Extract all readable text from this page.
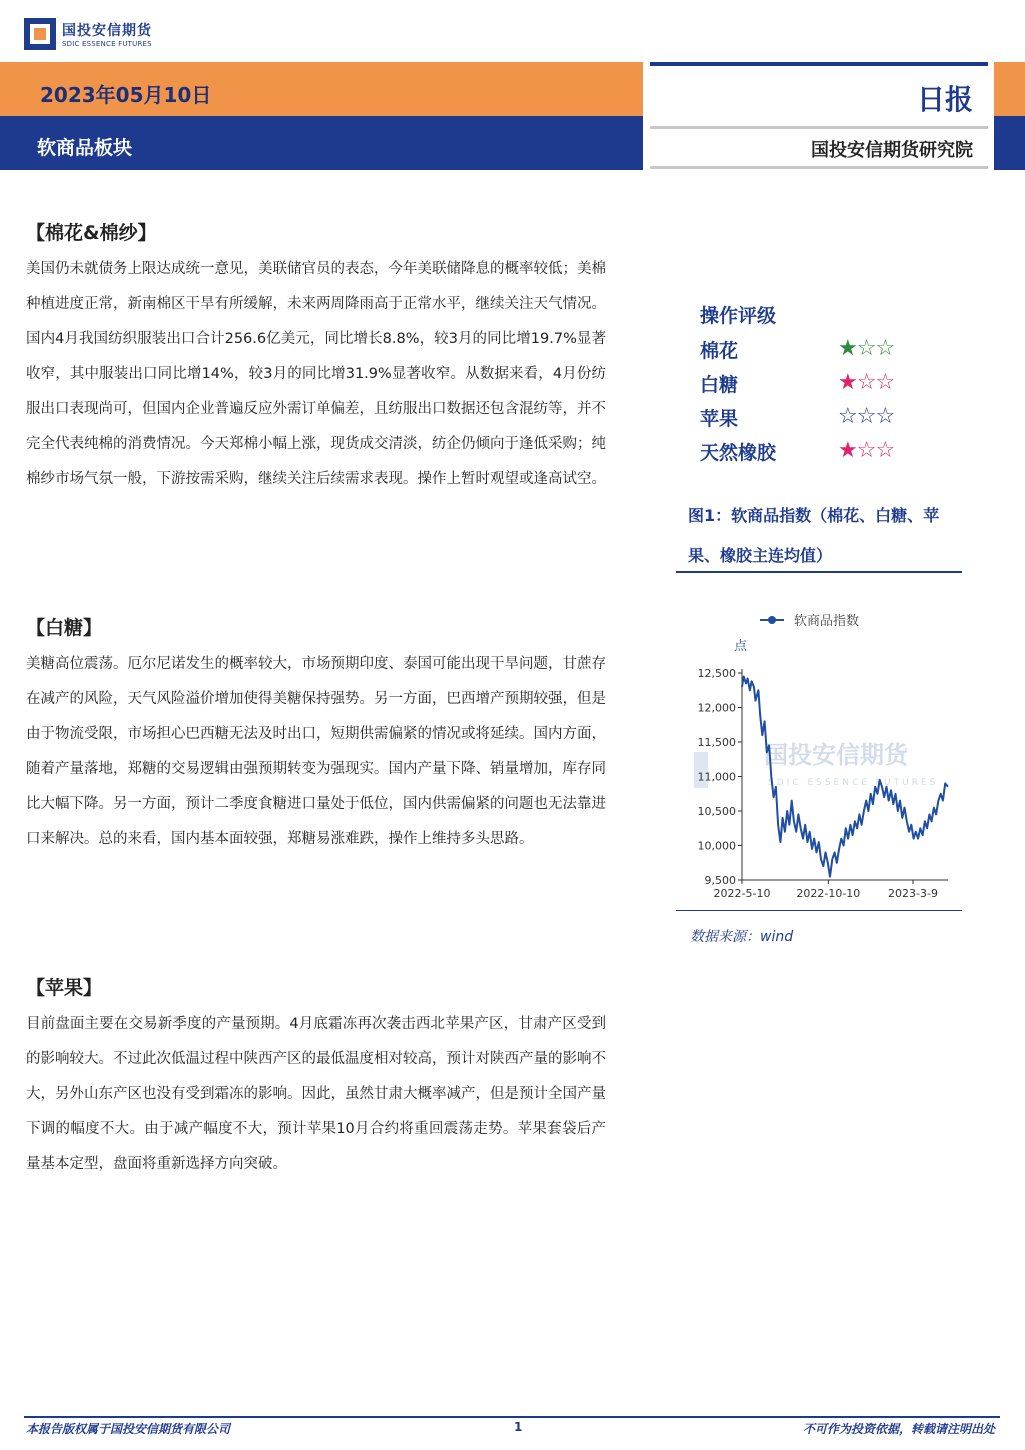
国投安信期货
SDIC ESSENCE FUTURES
2023年05月10日
软商品板块
日报
国投安信期货研究院
【棉花&棉纱】

美国仍未就债务上限达成统一意见，美联储官员的表态，今年美联储降息的概率较低；美棉种植进度正常，新南棉区干旱有所缓解，未来两周降雨高于正常水平，继续关注天气情况。国内4月我国纺织服装出口合计256.6亿美元，同比增长8.8%，较3月的同比增19.7%显著收窄，其中服装出口同比增14%，较3月的同比增31.9%显著收窄。从数据来看，4月份纺服出口表现尚可，但国内企业普遍反应外需订单偏差，且纺服出口数据还包含混纺等，并不完全代表纯棉的消费情况。今天郑棉小幅上涨，现货成交清淡，纺企仍倾向于逢低采购；纯棉纱市场气氛一般，下游按需采购，继续关注后续需求表现。操作上暂时观望或逢高试空。

【白糖】

美糖高位震荡。厄尔尼诺发生的概率较大，市场预期印度、泰国可能出现干旱问题，甘蔗存在减产的风险，天气风险溢价增加使得美糖保持强势。另一方面，巴西增产预期较强，但是由于物流受限，市场担心巴西糖无法及时出口，短期供需偏紧的情况或将延续。国内方面，随着产量落地，郑糖的交易逻辑由强预期转变为强现实。国内产量下降、销量增加，库存同比大幅下降。另一方面，预计二季度食糖进口量处于低位，国内供需偏紧的问题也无法靠进口来解决。总的来看，国内基本面较强，郑糖易涨难跌，操作上维持多头思路。

【苹果】

目前盘面主要在交易新季度的产量预期。4月底霜冻再次袭击西北苹果产区，甘肃产区受到的影响较大。不过此次低温过程中陕西产区的最低温度相对较高，预计对陕西产量的影响不大，另外山东产区也没有受到霜冻的影响。因此，虽然甘肃大概率减产，但是预计全国产量下调的幅度不大。由于减产幅度不大，预计苹果10月合约将重回震荡走势。苹果套袋后产量基本定型，盘面将重新选择方向突破。

操作评级
棉花	★☆☆
白糖	★☆☆
苹果	☆☆☆
天然橡胶	★☆☆
图1：软商品指数（棉花、白糖、苹果、橡胶主连均值）
国投安信期货
SDIC ESSENCE FUTURES
软商品指数
点
9,500
10,000
10,500
11,000
11,500
12,000
12,500
2022-5-10 2022-10-10	2023-3-9
数据来源：wind
本报告版权属于国投安信期货有限公司	1	不可作为投资依据，转载请注明出处
